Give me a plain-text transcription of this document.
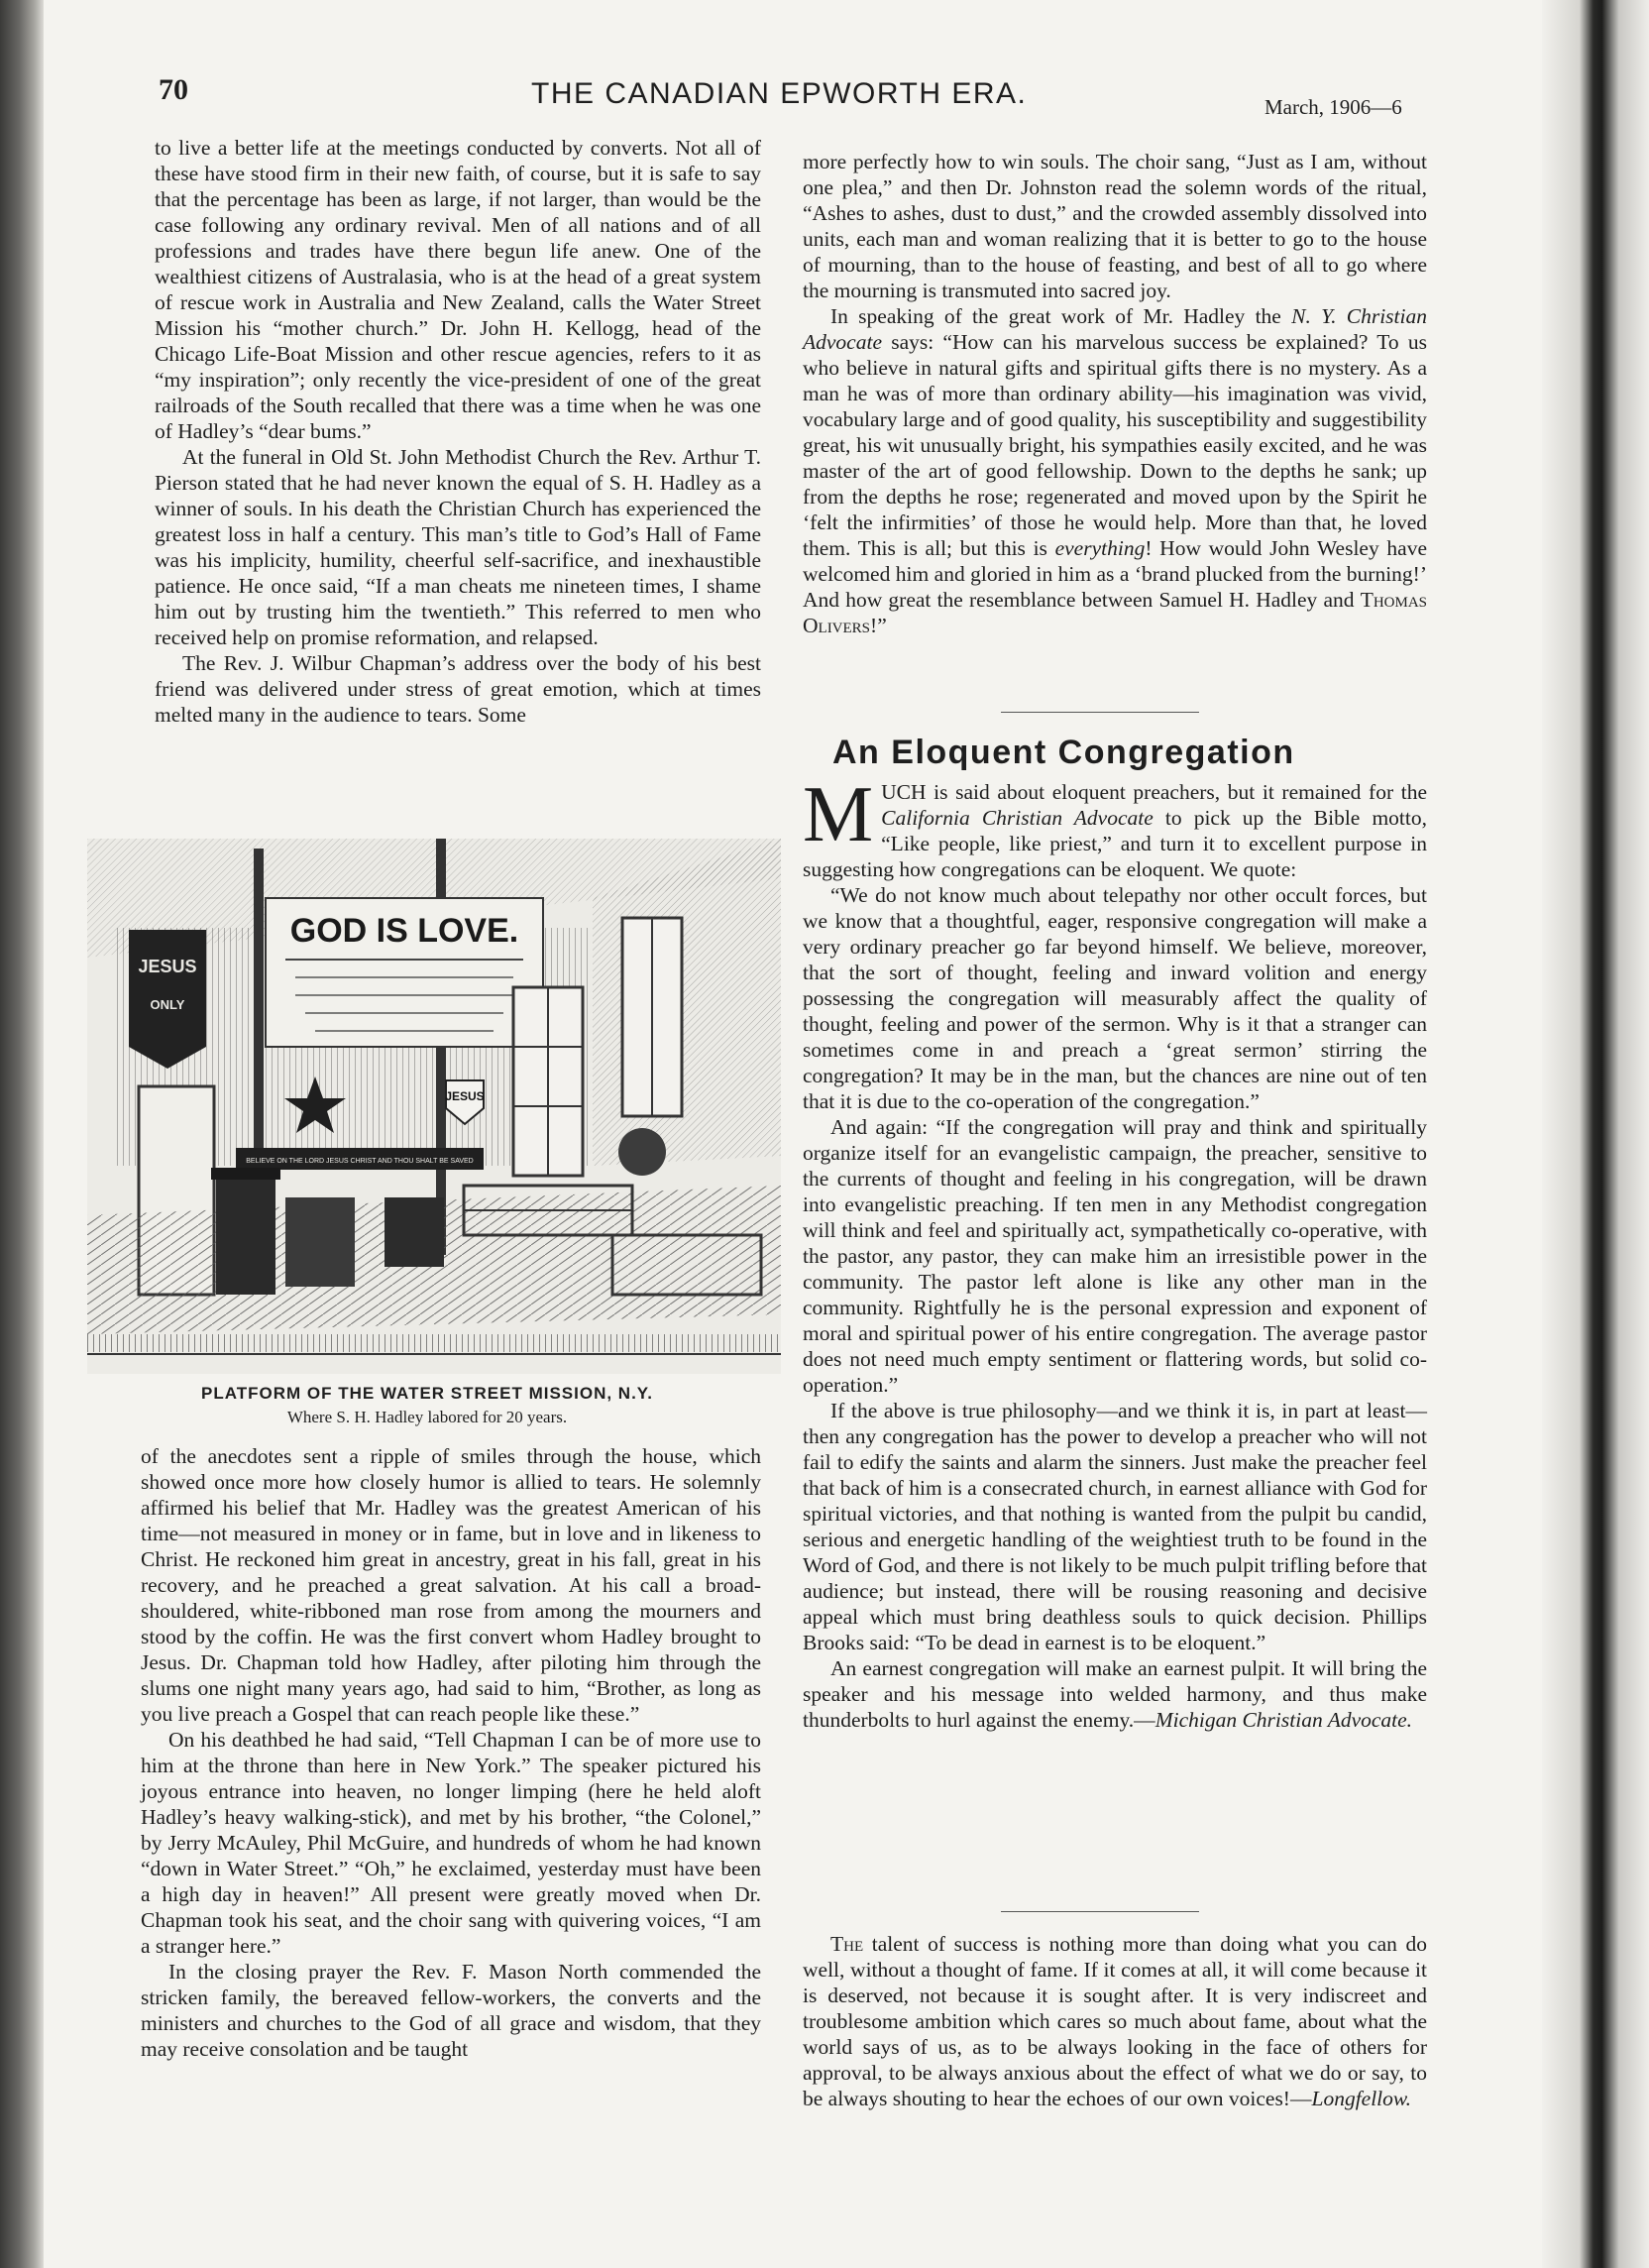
70	THE CANADIAN EPWORTH ERA.	March, 1906—6

to live a better life at the meetings conducted by converts. Not all of these have stood firm in their new faith, of course, but it is safe to say that the percentage has been as large, if not larger, than would be the case following any ordinary revival. Men of all nations and of all professions and trades have there begun life anew. One of the wealthiest citizens of Australasia, who is at the head of a great system of rescue work in Australia and New Zealand, calls the Water Street Mission his “mother church.” Dr. John H. Kellogg, head of the Chicago Life-Boat Mission and other rescue agencies, refers to it as “my inspiration”; only recently the vice-president of one of the great railroads of the South recalled that there was a time when he was one of Hadley’s “dear bums.”

At the funeral in Old St. John Methodist Church the Rev. Arthur T. Pierson stated that he had never known the equal of S. H. Hadley as a winner of souls. In his death the Christian Church has experienced the greatest loss in half a century. This man’s title to God’s Hall of Fame was his implicity, humility, cheerful self-sacrifice, and inexhaustible patience. He once said, “If a man cheats me nineteen times, I shame him out by trusting him the twentieth.” This referred to men who received help on promise reformation, and relapsed.

The Rev. J. Wilbur Chapman’s address over the body of his best friend was delivered under stress of great emotion, which at times melted many in the audience to tears. Some

GOD IS LOVE.
JESUS
ONLY
JESUS
BELIEVE ON THE LORD JESUS CHRIST AND THOU SHALT BE SAVED
PLATFORM OF THE WATER STREET MISSION, N.Y.
Where S. H. Hadley labored for 20 years.

of the anecdotes sent a ripple of smiles through the house, which showed once more how closely humor is allied to tears. He solemnly affirmed his belief that Mr. Hadley was the greatest American of his time—not measured in money or in fame, but in love and in likeness to Christ. He reckoned him great in ancestry, great in his fall, great in his recovery, and he preached a great salvation. At his call a broad-shouldered, white-ribboned man rose from among the mourners and stood by the coffin. He was the first convert whom Hadley brought to Jesus. Dr. Chapman told how Hadley, after piloting him through the slums one night many years ago, had said to him, “Brother, as long as you live preach a Gospel that can reach people like these.”

On his deathbed he had said, “Tell Chapman I can be of more use to him at the throne than here in New York.” The speaker pictured his joyous entrance into heaven, no longer limping (here he held aloft Hadley’s heavy walking-stick), and met by his brother, “the Colonel,” by Jerry McAuley, Phil McGuire, and hundreds of whom he had known “down in Water Street.” “Oh,” he exclaimed, yesterday must have been a high day in heaven!” All present were greatly moved when Dr. Chapman took his seat, and the choir sang with quivering voices, “I am a stranger here.”

In the closing prayer the Rev. F. Mason North commended the stricken family, the bereaved fellow-workers, the converts and the ministers and churches to the God of all grace and wisdom, that they may receive consolation and be taught

more perfectly how to win souls. The choir sang, “Just as I am, without one plea,” and then Dr. Johnston read the solemn words of the ritual, “Ashes to ashes, dust to dust,” and the crowded assembly dissolved into units, each man and woman realizing that it is better to go to the house of mourning, than to the house of feasting, and best of all to go where the mourning is transmuted into sacred joy.

In speaking of the great work of Mr. Hadley the N. Y. Christian Advocate says: “How can his marvelous success be explained? To us who believe in natural gifts and spiritual gifts there is no mystery. As a man he was of more than ordinary ability—his imagination was vivid, vocabulary large and of good quality, his susceptibility and suggestibility great, his wit unusually bright, his sympathies easily excited, and he was master of the art of good fellowship. Down to the depths he sank; up from the depths he rose; regenerated and moved upon by the Spirit he ‘felt the infirmities’ of those he would help. More than that, he loved them. This is all; but this is everything! How would John Wesley have welcomed him and gloried in him as a ‘brand plucked from the burning!’ And how great the resemblance between Samuel H. Hadley and Thomas Olivers!”

An Eloquent Congregation

MUCH is said about eloquent preachers, but it remained for the California Christian Advocate to pick up the Bible motto, “Like people, like priest,” and turn it to excellent purpose in suggesting how congregations can be eloquent. We quote:

“We do not know much about telepathy nor other occult forces, but we know that a thoughtful, eager, responsive congregation will make a very ordinary preacher go far beyond himself. We believe, moreover, that the sort of thought, feeling and inward volition and energy possessing the congregation will measurably affect the quality of thought, feeling and power of the sermon. Why is it that a stranger can sometimes come in and preach a ‘great sermon’ stirring the congregation? It may be in the man, but the chances are nine out of ten that it is due to the co-operation of the congregation.”

And again: “If the congregation will pray and think and spiritually organize itself for an evangelistic campaign, the preacher, sensitive to the currents of thought and feeling in his congregation, will be drawn into evangelistic preaching. If ten men in any Methodist congregation will think and feel and spiritually act, sympathetically co-operative, with the pastor, any pastor, they can make him an irresistible power in the community. The pastor left alone is like any other man in the community. Rightfully he is the personal expression and exponent of moral and spiritual power of his entire congregation. The average pastor does not need much empty sentiment or flattering words, but solid co-operation.”

If the above is true philosophy—and we think it is, in part at least—then any congregation has the power to develop a preacher who will not fail to edify the saints and alarm the sinners. Just make the preacher feel that back of him is a consecrated church, in earnest alliance with God for spiritual victories, and that nothing is wanted from the pulpit bu candid, serious and energetic handling of the weightiest truth to be found in the Word of God, and there is not likely to be much pulpit trifling before that audience; but instead, there will be rousing reasoning and decisive appeal which must bring deathless souls to quick decision. Phillips Brooks said: “To be dead in earnest is to be eloquent.”

An earnest congregation will make an earnest pulpit. It will bring the speaker and his message into welded harmony, and thus make thunderbolts to hurl against the enemy.—Michigan Christian Advocate.

The talent of success is nothing more than doing what you can do well, without a thought of fame. If it comes at all, it will come because it is deserved, not because it is sought after. It is very indiscreet and troublesome ambition which cares so much about fame, about what the world says of us, as to be always looking in the face of others for approval, to be always anxious about the effect of what we do or say, to be always shouting to hear the echoes of our own voices!—Longfellow.
